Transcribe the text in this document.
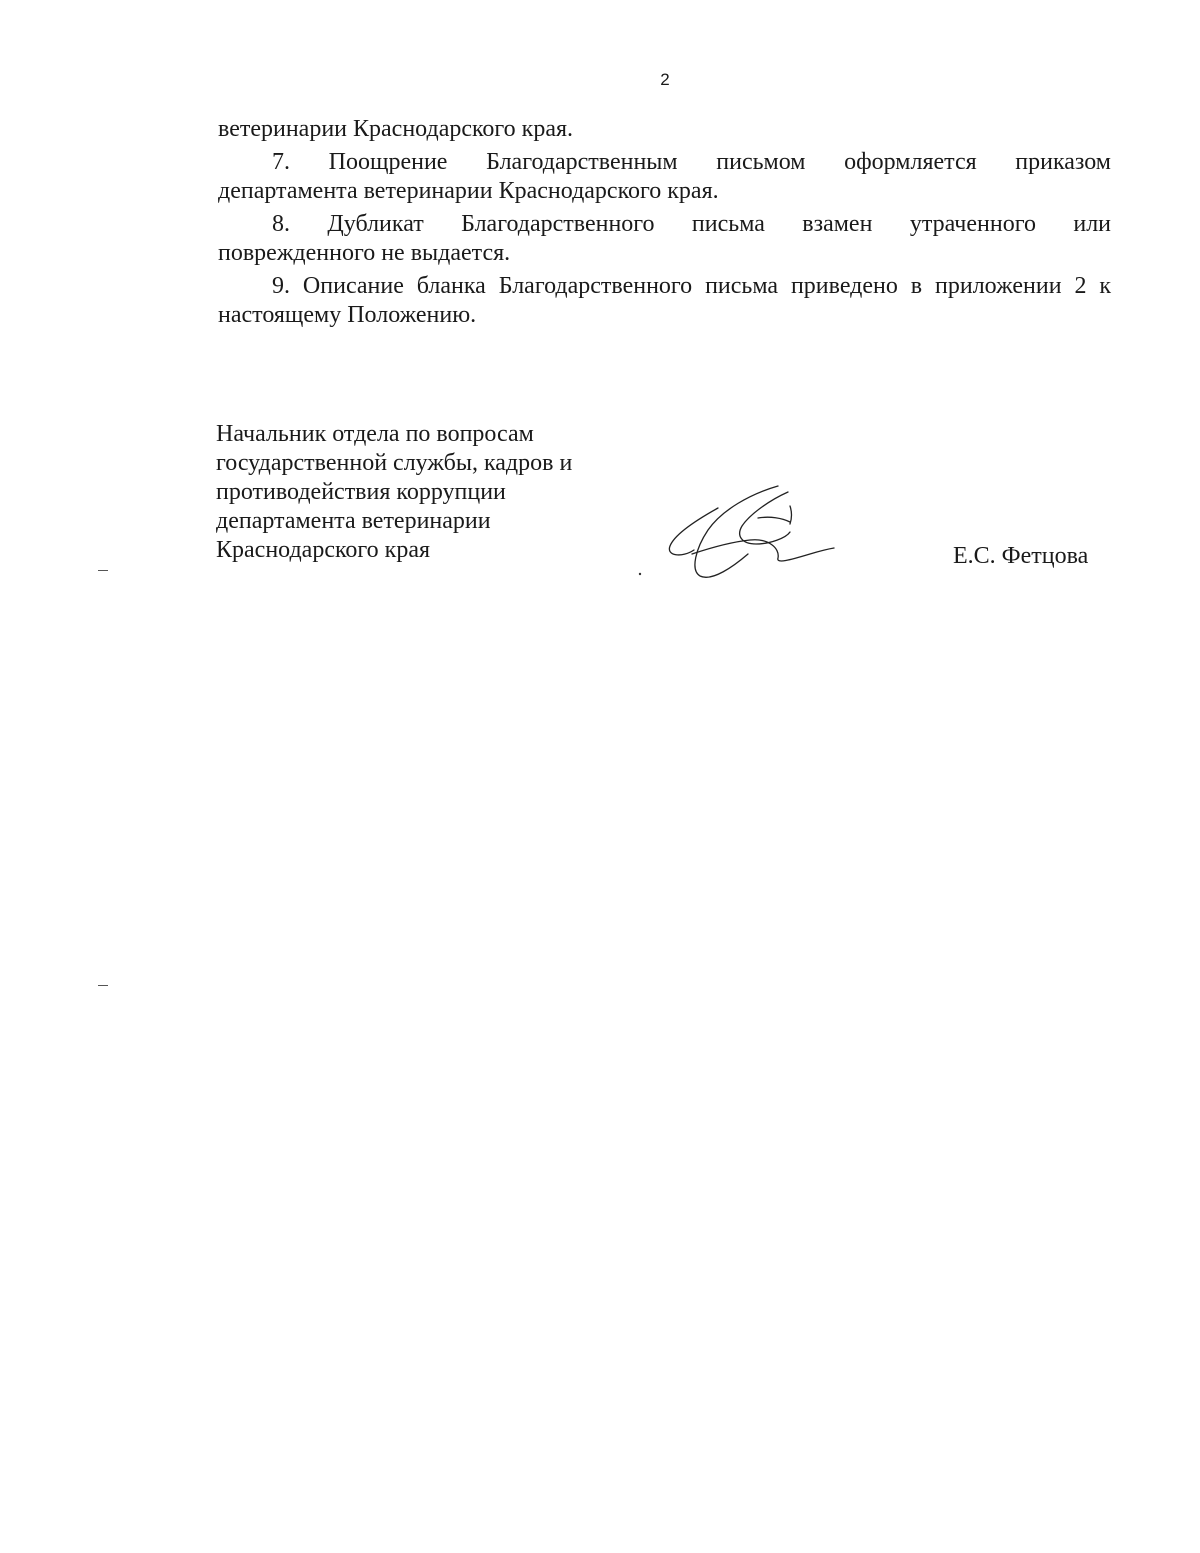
2

ветеринарии Краснодарского края.

7. Поощрение Благодарственным письмом оформляется приказом

департамента ветеринарии Краснодарского края.

8. Дубликат Благодарственного письма взамен утраченного или

поврежденного не выдается.

9. Описание бланка Благодарственного письма приведено в приложении 2 к

настоящему Положению.

Начальник отдела по вопросам
государственной службы, кадров и
противодействия коррупции
департамента ветеринарии
Краснодарского края	Е.С. Фетцова
